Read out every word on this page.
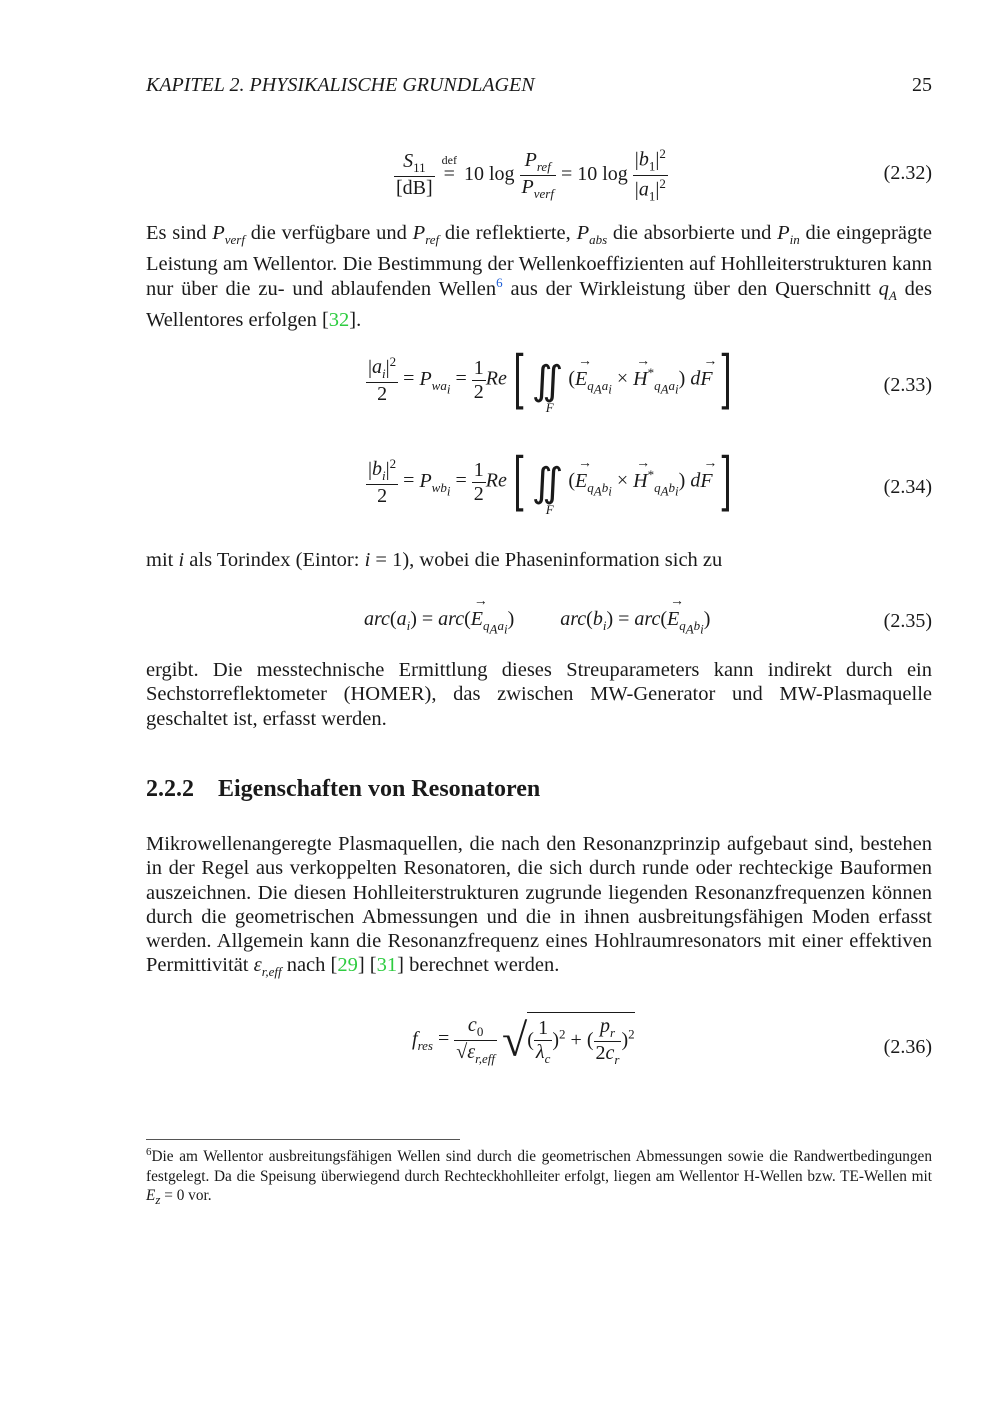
KAPITEL 2. PHYSIKALISCHE GRUNDLAGEN	25
$\frac{S_{11}}{[dB]}$
def
= 10 $\log \frac{P_{ref}}{P_{verf}} = 10$ $\log \frac{|b_1|^2}{|a_1|^2}$	(2.32)
Es sind $P_{verf}$ die verfügbare und $P_{ref}$ die reflektierte, $P_{abs}$ die absorbierte und $P_{in}$ die eingeprägte Leistung am Wellentor. Die Bestimmung der Wellenkoeffizienten auf Hohlleiterstrukturen kann nur über die zu- und ablaufenden Wellen$^6$ aus der Wirkleistung über den Querschnitt $q_A$ des Wellentores erfolgen [32].
$\frac{|a_i|^2}{2} = P_{wa_i} = \frac{1}{2} Re$[ ∬
F
(→ $E_{q_Aa_i}$ × → $H^*_{q_Aa_i}$) d→ F]	(2.33)
$\frac{|b_i|^2}{2} = P_{wb_i} = \frac{1}{2} Re$[ ∬
F
(→ $E_{q_Ab_i}$ × → $H^*_{q_Ab_i}$) d→ F]	(2.34)
mit i als Torindex (Eintor: i = 1), wobei die Phaseninformation sich zu
$arc(a_i) = arc(\to E_{q_Aa_i}) arc(b_i) = arc(\to E_{q_Ab_i})$	(2.35)
ergibt. Die messtechnische Ermittlung dieses Streuparameters kann indirekt durch ein Sechstorreflektometer (HOMER), das zwischen MW-Generator und MW-Plasmaquelle geschaltet ist, erfasst werden.
2.2.2 Eigenschaften von Resonatoren
Mikrowellenangeregte Plasmaquellen, die nach den Resonanzprinzip aufgebaut sind, bestehen in der Regel aus verkoppelten Resonatoren, die sich durch runde oder rechteckige Bauformen auszeichnen. Die diesen Hohlleiterstrukturen zugrunde liegenden Resonanzfrequenzen können durch die geometrischen Abmessungen und die in ihnen ausbreitungsfähigen Moden erfasst werden. Allgemein kann die Resonanzfrequenz eines Hohlraumresonators mit einer effektiven Permittivität $\varepsilon_{r,eff}$ nach [29] [31] berechnet werden.
$f_{res} = \frac{c_0}{√\varepsilon_{r,eff}}$ √( $\frac{1}{\lambda_c} )^2$ + ( $\frac{p_r}{2c_r} )^2$
(2.36)
$^6$Die am Wellentor ausbreitungsfähigen Wellen sind durch die geometrischen Abmessungen sowie die Randwertbedingungen festgelegt. Da die Speisung überwiegend durch Rechteckhohlleiter erfolgt, liegen am Wellentor H-Wellen bzw. TE-Wellen mit $E_z = 0$ vor.
